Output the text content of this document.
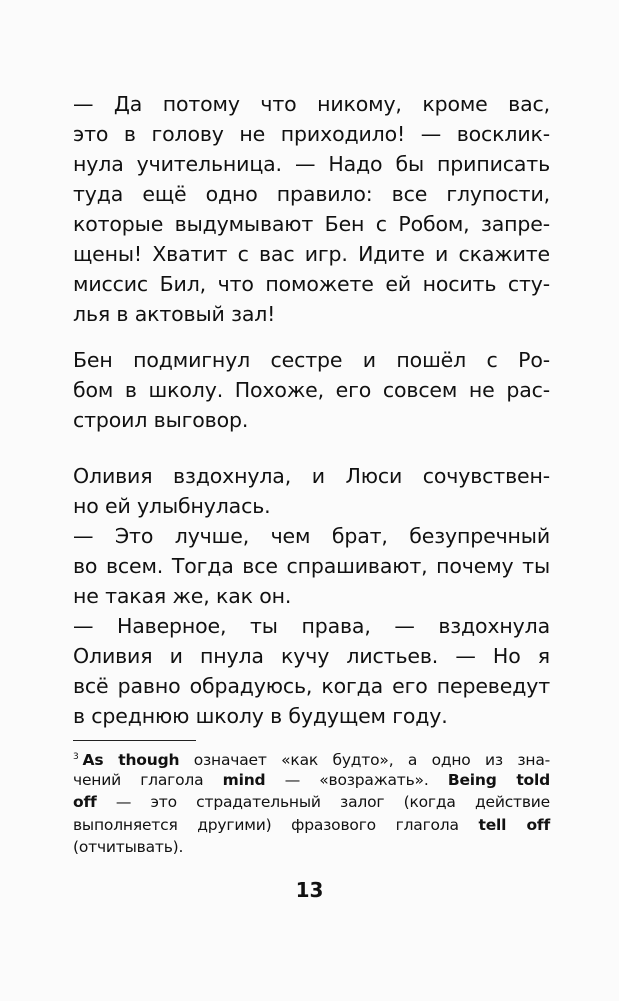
— Да потому что никому, кроме вас,
это в голову не приходило! — восклик-
нула учительница. — Надо бы приписать
туда ещё одно правило: все глупости,
которые выдумывают Бен с Робом, запре-
щены! Хватит с вас игр. Идите и скажите
миссис Бил, что поможете ей носить сту-
лья в актовый зал!
Бен подмигнул сестре и пошёл с Ро-
бом в школу. Похоже, его совсем не рас-
строил выговор.
Оливия вздохнула, и Люси сочувствен-
но ей улыбнулась.
— Это лучше, чем брат, безупречный
во всем. Тогда все спрашивают, почему ты
не такая же, как он.
— Наверное, ты права, — вздохнула
Оливия и пнула кучу листьев. — Но я
всё равно обрадуюсь, когда его переведут
в среднюю школу в будущем году.
$^3$ As though означает «как будто», а одно из зна-
чений глагола mind — «возражать». Being told
off — это страдательный залог (когда действие
выполняется другими) фразового глагола tell off
(отчитывать).
13
